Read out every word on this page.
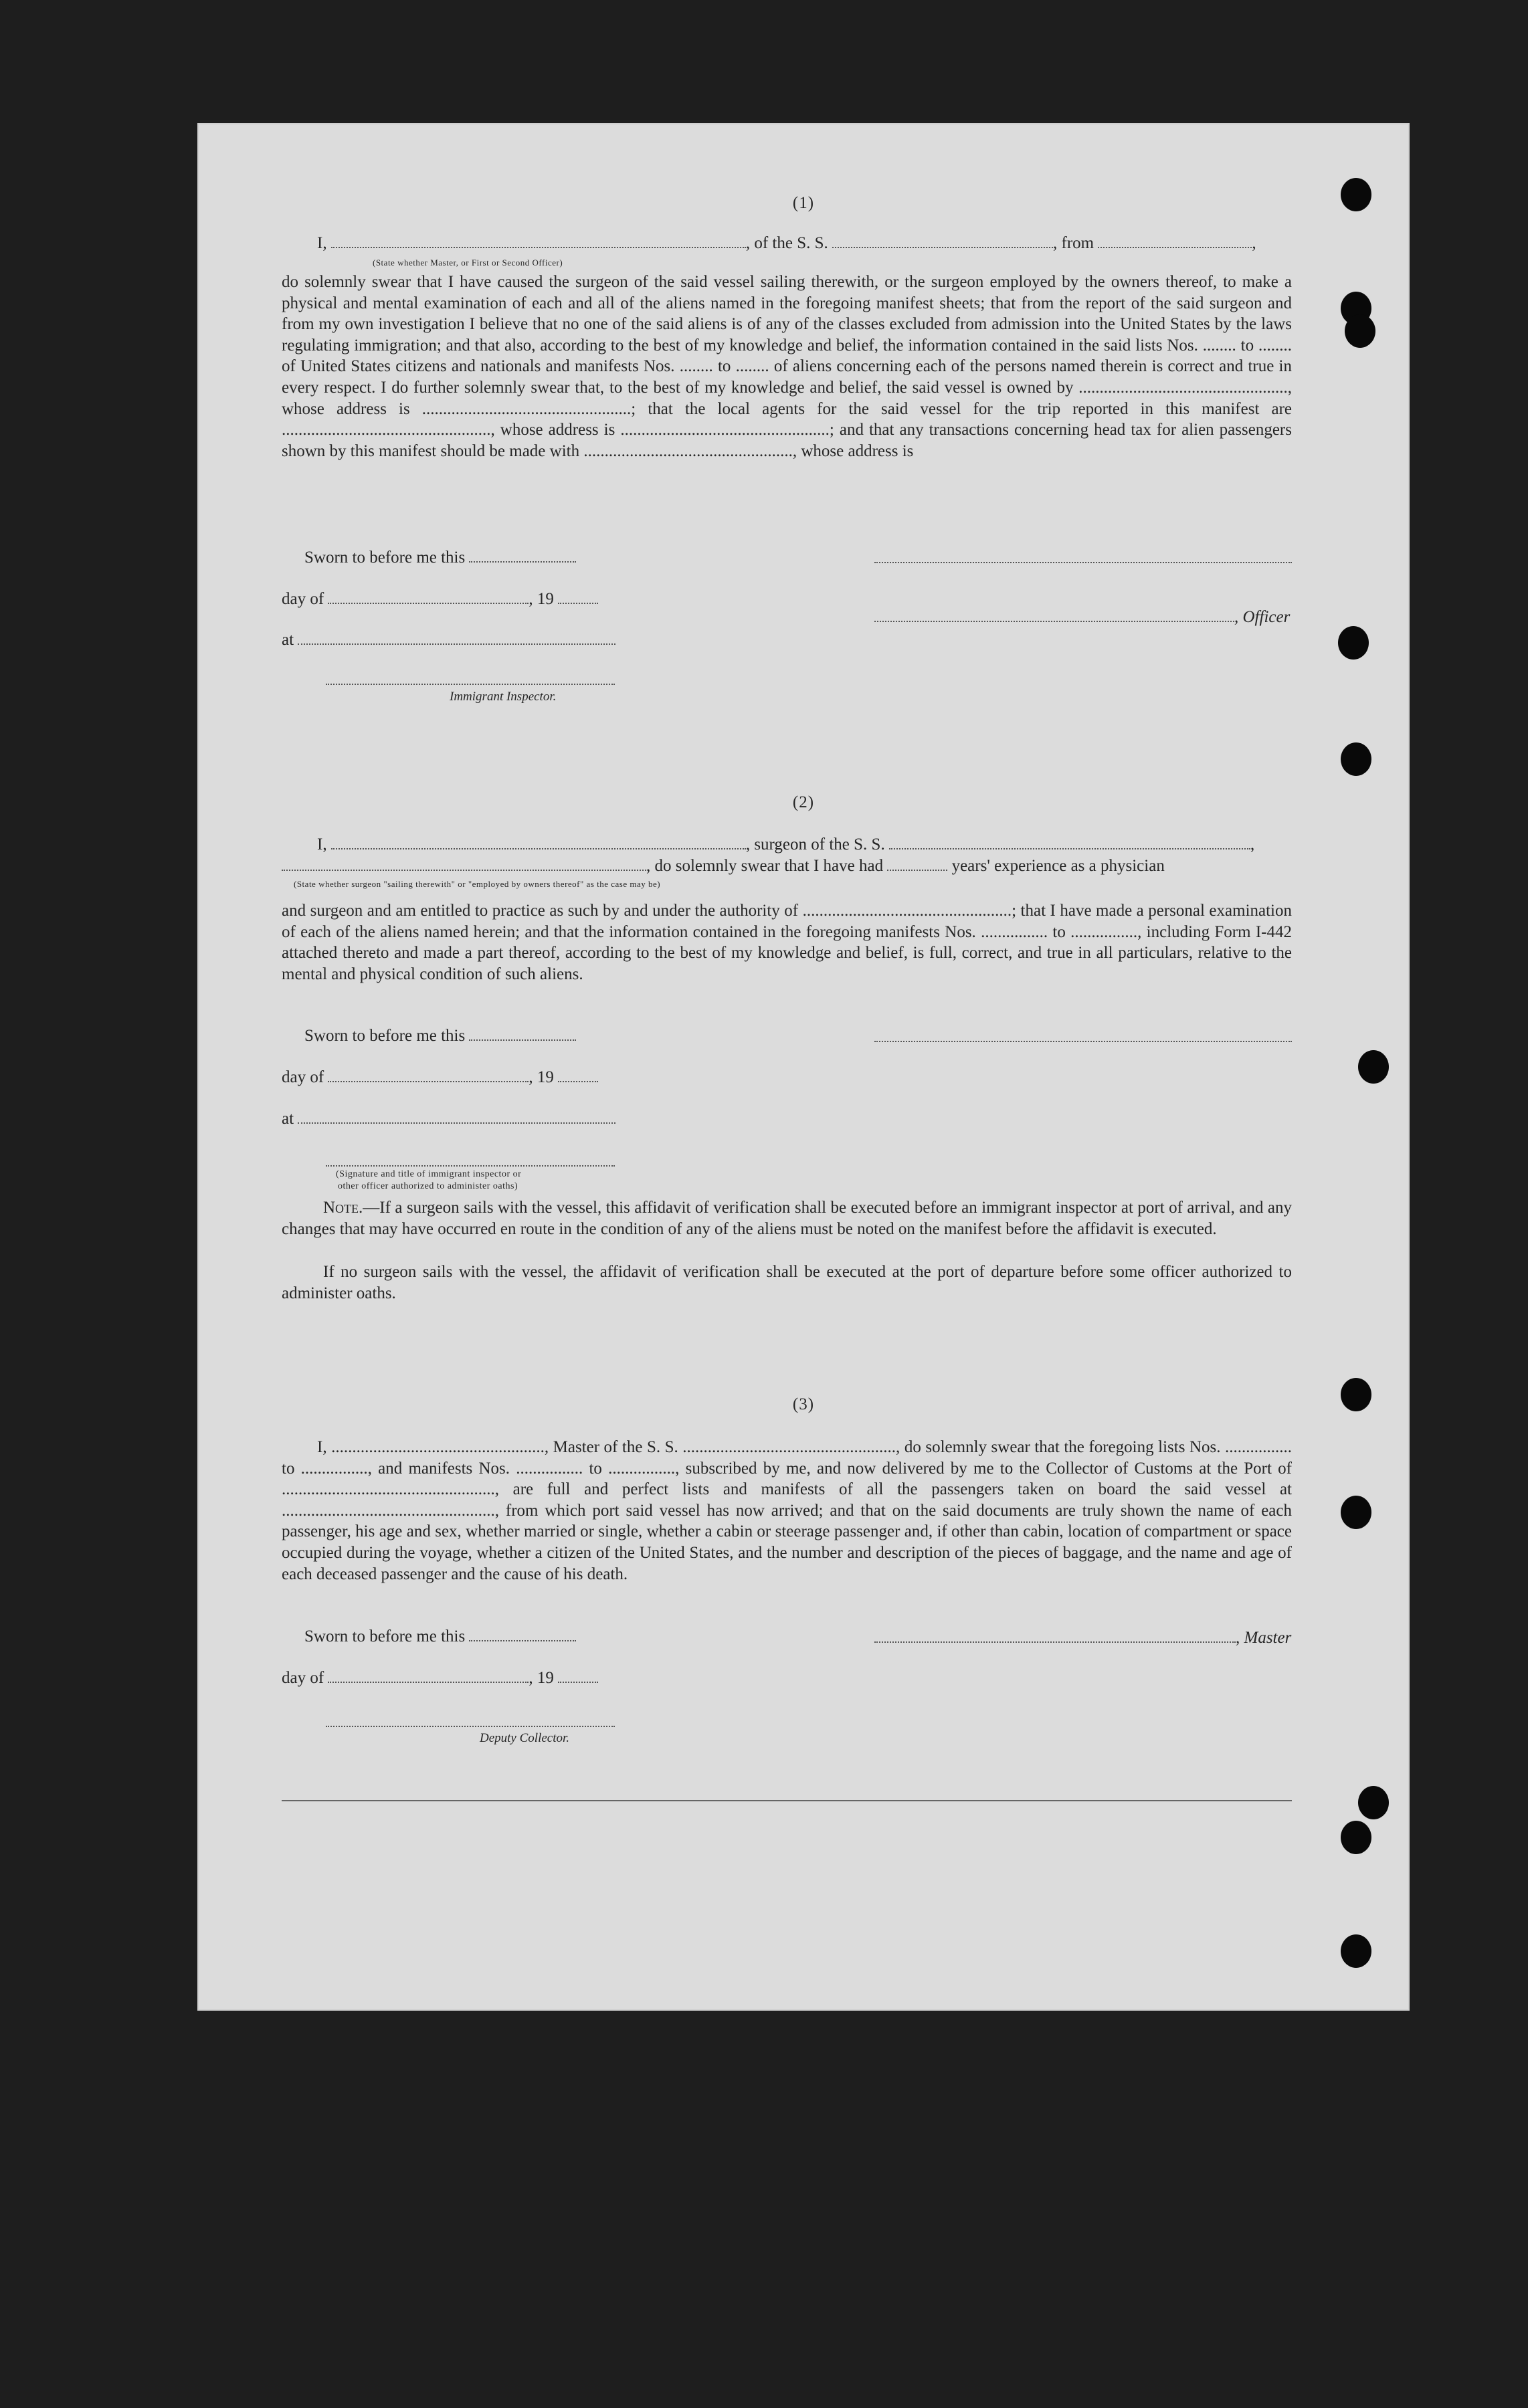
(1)
I,	, of the S. S.	, from	,
(State whether Master, or First or Second Officer)
do solemnly swear that I have caused the surgeon of the said vessel sailing therewith, or the surgeon employed by the owners thereof, to make a physical and mental examination of each and all of the aliens named in the foregoing manifest sheets; that from the report of the said surgeon and from my own investigation I believe that no one of the said aliens is of any of the classes excluded from admission into the United States by the laws regulating immigration; and that also, according to the best of my knowledge and belief, the information contained in the said lists Nos. ........ to ........ of United States citizens and nationals and manifests Nos. ........ to ........ of aliens concerning each of the persons named therein is correct and true in every respect. I do further solemnly swear that, to the best of my knowledge and belief, the said vessel is owned by .................................................., whose address is ..................................................; that the local agents for the said vessel for the trip reported in this manifest are .................................................., whose address is ..................................................; and that any transactions concerning head tax for alien passengers shown by this manifest should be made with .................................................., whose address is
Sworn to before me this
day of	, 19
, Officer
at
Immigrant Inspector.
(2)
I,	, surgeon of the S. S.	,
, do solemnly swear that I have had	years' experience as a physician
(State whether surgeon "sailing therewith" or "employed by owners thereof" as the case may be)
and surgeon and am entitled to practice as such by and under the authority of ..................................................; that I have made a personal examination of each of the aliens named herein; and that the information contained in the foregoing manifests Nos. ................ to ................, including Form I-442 attached thereto and made a part thereof, according to the best of my knowledge and belief, is full, correct, and true in all particulars, relative to the mental and physical condition of such aliens.
Sworn to before me this
day of	, 19
at
(Signature and title of immigrant inspector or
other officer authorized to administer oaths)
Note.—If a surgeon sails with the vessel, this affidavit of verification shall be executed before an immigrant inspector at port of arrival, and any changes that may have occurred en route in the condition of any of the aliens must be noted on the manifest before the affidavit is executed.
If no surgeon sails with the vessel, the affidavit of verification shall be executed at the port of departure before some officer authorized to administer oaths.
(3)
I, ..................................................., Master of the S. S. ..................................................., do solemnly swear that the foregoing lists Nos. ................ to ................, and manifests Nos. ................ to ................, subscribed by me, and now delivered by me to the Collector of Customs at the Port of ..................................................., are full and perfect lists and manifests of all the passengers taken on board the said vessel at ..................................................., from which port said vessel has now arrived; and that on the said documents are truly shown the name of each passenger, his age and sex, whether married or single, whether a cabin or steerage passenger and, if other than cabin, location of compartment or space occupied during the voyage, whether a citizen of the United States, and the number and description of the pieces of baggage, and the name and age of each deceased passenger and the cause of his death.
Sworn to before me this	, Master
day of	, 19
Deputy Collector.
